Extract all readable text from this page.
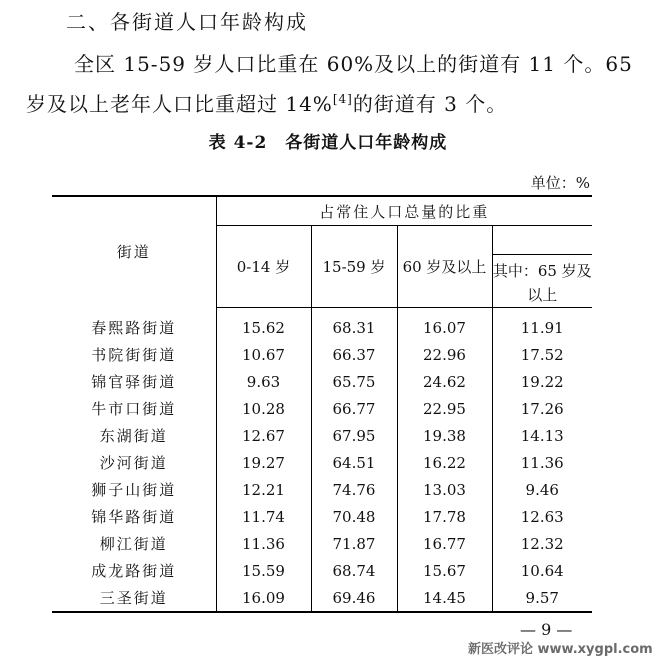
二、各街道人口年龄构成
全区 15-59 岁人口比重在 60%及以上的街道有 11 个。65 岁及以上老年人口比重超过 14%[4]的街道有 3 个。
表 4-2　各街道人口年龄构成
单位：%
街道	占常住人口总量的比重			
	0-14 岁	15-59 岁	60 岁及以上	其中：65 岁及以上

春熙路街道	15.62	68.31	16.07	11.91
书院街街道	10.67	66.37	22.96	17.52
锦官驿街道	9.63	65.75	24.62	19.22
牛市口街道	10.28	66.77	22.95	17.26
东湖街道	12.67	67.95	19.38	14.13
沙河街道	19.27	64.51	16.22	11.36
狮子山街道	12.21	74.76	13.03	9.46
锦华路街道	11.74	70.48	17.78	12.63
柳江街道	11.36	71.87	16.77	12.32
成龙路街道	15.59	68.74	15.67	10.64
三圣街道	16.09	69.46	14.45	9.57
— 9 —
新医改评论 www.xygpl.com
